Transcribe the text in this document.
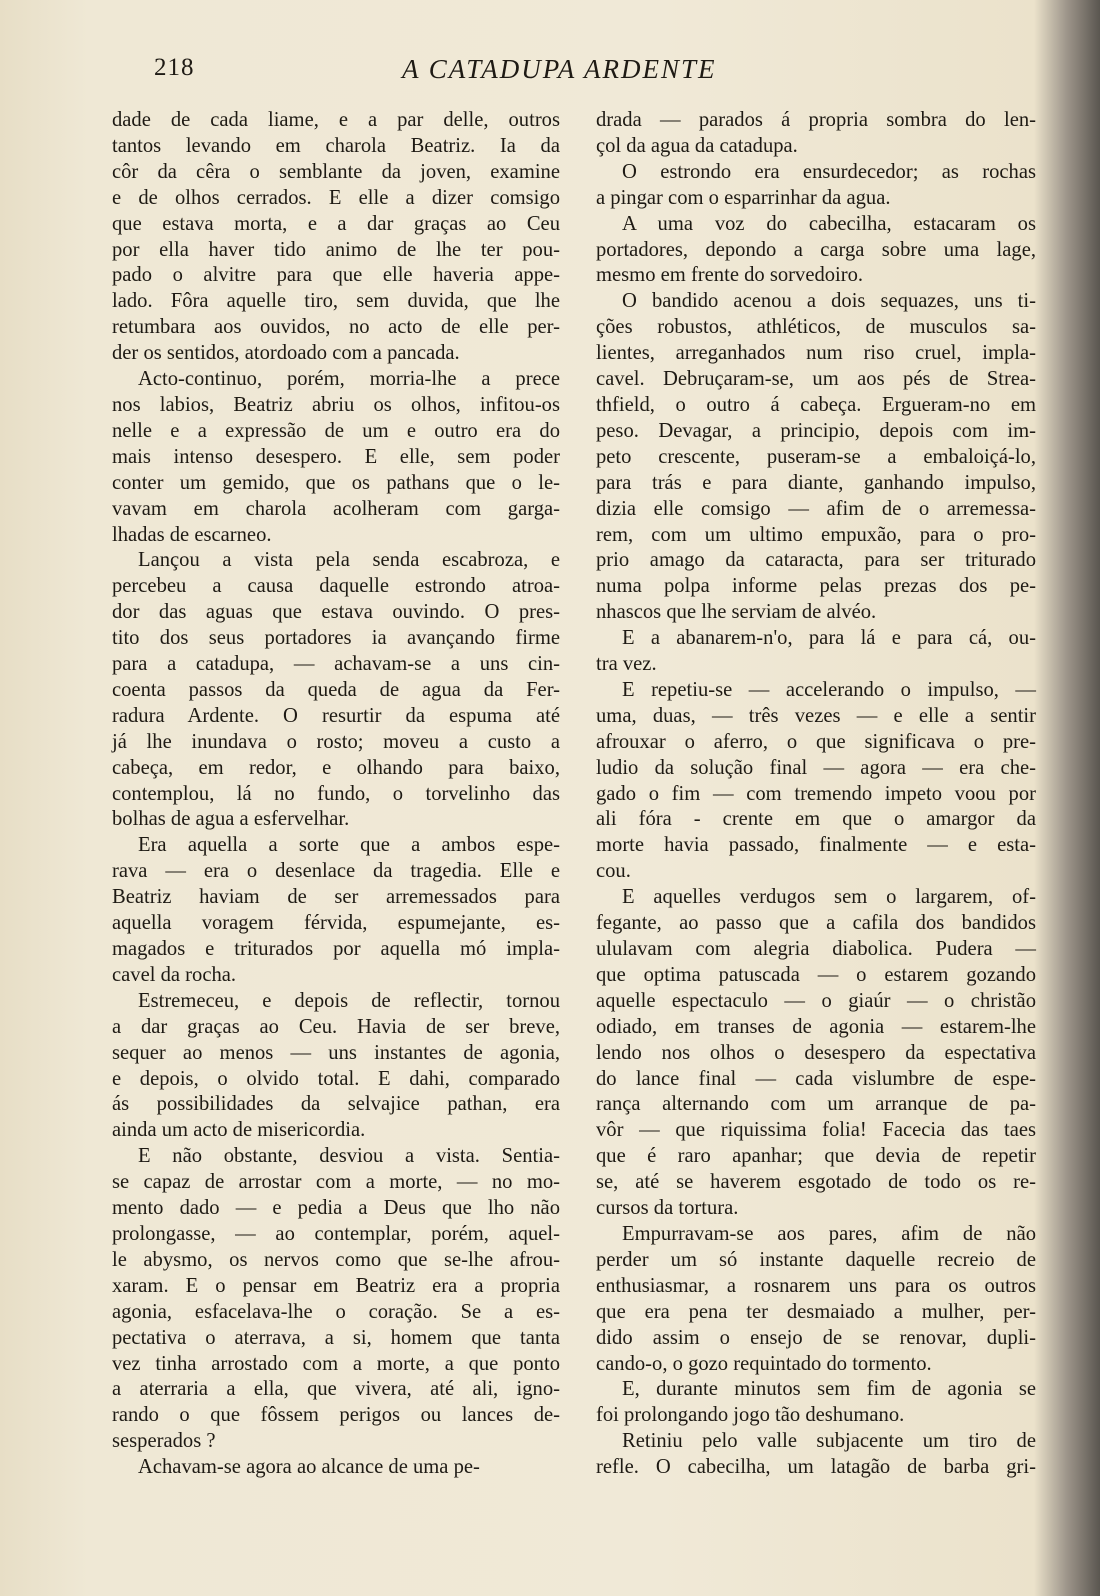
218	A CATADUPA ARDENTE
dade de cada liame, e a par delle, outros
tantos levando em charola Beatriz. Ia da
côr da cêra o semblante da joven, examine
e de olhos cerrados. E elle a dizer comsigo
que estava morta, e a dar graças ao Ceu
por ella haver tido animo de lhe ter pou-
pado o alvitre para que elle haveria appe-
lado. Fôra aquelle tiro, sem duvida, que lhe
retumbara aos ouvidos, no acto de elle per-
der os sentidos, atordoado com a pancada.
Acto-continuo, porém, morria-lhe a prece
nos labios, Beatriz abriu os olhos, infitou-os
nelle e a expressão de um e outro era do
mais intenso desespero. E elle, sem poder
conter um gemido, que os pathans que o le-
vavam em charola acolheram com garga-
lhadas de escarneo.
Lançou a vista pela senda escabroza, e
percebeu a causa daquelle estrondo atroa-
dor das aguas que estava ouvindo. O pres-
tito dos seus portadores ia avançando firme
para a catadupa, — achavam-se a uns cin-
coenta passos da queda de agua da Fer-
radura Ardente. O resurtir da espuma até
já lhe inundava o rosto; moveu a custo a
cabeça, em redor, e olhando para baixo,
contemplou, lá no fundo, o torvelinho das
bolhas de agua a esfervelhar.
Era aquella a sorte que a ambos espe-
rava — era o desenlace da tragedia. Elle e
Beatriz haviam de ser arremessados para
aquella voragem férvida, espumejante, es-
magados e triturados por aquella mó impla-
cavel da rocha.
Estremeceu, e depois de reflectir, tornou
a dar graças ao Ceu. Havia de ser breve,
sequer ao menos — uns instantes de agonia,
e depois, o olvido total. E dahi, comparado
ás possibilidades da selvajice pathan, era
ainda um acto de misericordia.
E não obstante, desviou a vista. Sentia-
se capaz de arrostar com a morte, — no mo-
mento dado — e pedia a Deus que lho não
prolongasse, — ao contemplar, porém, aquel-
le abysmo, os nervos como que se-lhe afrou-
xaram. E o pensar em Beatriz era a propria
agonia, esfacelava-lhe o coração. Se a es-
pectativa o aterrava, a si, homem que tanta
vez tinha arrostado com a morte, a que ponto
a aterraria a ella, que vivera, até ali, igno-
rando o que fôssem perigos ou lances de-
sesperados ?
Achavam-se agora ao alcance de uma pe-
drada — parados á propria sombra do len-
çol da agua da catadupa.
O estrondo era ensurdecedor; as rochas
a pingar com o esparrinhar da agua.
A uma voz do cabecilha, estacaram os
portadores, depondo a carga sobre uma lage,
mesmo em frente do sorvedoiro.
O bandido acenou a dois sequazes, uns ti-
ções robustos, athléticos, de musculos sa-
lientes, arreganhados num riso cruel, impla-
cavel. Debruçaram-se, um aos pés de Strea-
thfield, o outro á cabeça. Ergueram-no em
peso. Devagar, a principio, depois com im-
peto crescente, puseram-se a embaloiçá-lo,
para trás e para diante, ganhando impulso,
dizia elle comsigo — afim de o arremessa-
rem, com um ultimo empuxão, para o pro-
prio amago da cataracta, para ser triturado
numa polpa informe pelas prezas dos pe-
nhascos que lhe serviam de alvéo.
E a abanarem-n'o, para lá e para cá, ou-
tra vez.
E repetiu-se — accelerando o impulso, —
uma, duas, — três vezes — e elle a sentir
afrouxar o aferro, o que significava o pre-
ludio da solução final — agora — era che-
gado o fim — com tremendo impeto voou por
ali fóra - crente em que o amargor da
morte havia passado, finalmente — e esta-
cou.
E aquelles verdugos sem o largarem, of-
fegante, ao passo que a cafila dos bandidos
ululavam com alegria diabolica. Pudera —
que optima patuscada — o estarem gozando
aquelle espectaculo — o giaúr — o christão
odiado, em transes de agonia — estarem-lhe
lendo nos olhos o desespero da espectativa
do lance final — cada vislumbre de espe-
rança alternando com um arranque de pa-
vôr — que riquissima folia! Facecia das taes
que é raro apanhar; que devia de repetir
se, até se haverem esgotado de todo os re-
cursos da tortura.
Empurravam-se aos pares, afim de não
perder um só instante daquelle recreio de
enthusiasmar, a rosnarem uns para os outros
que era pena ter desmaiado a mulher, per-
dido assim o ensejo de se renovar, dupli-
cando-o, o gozo requintado do tormento.
E, durante minutos sem fim de agonia se
foi prolongando jogo tão deshumano.
Retiniu pelo valle subjacente um tiro de
refle. O cabecilha, um latagão de barba gri-
